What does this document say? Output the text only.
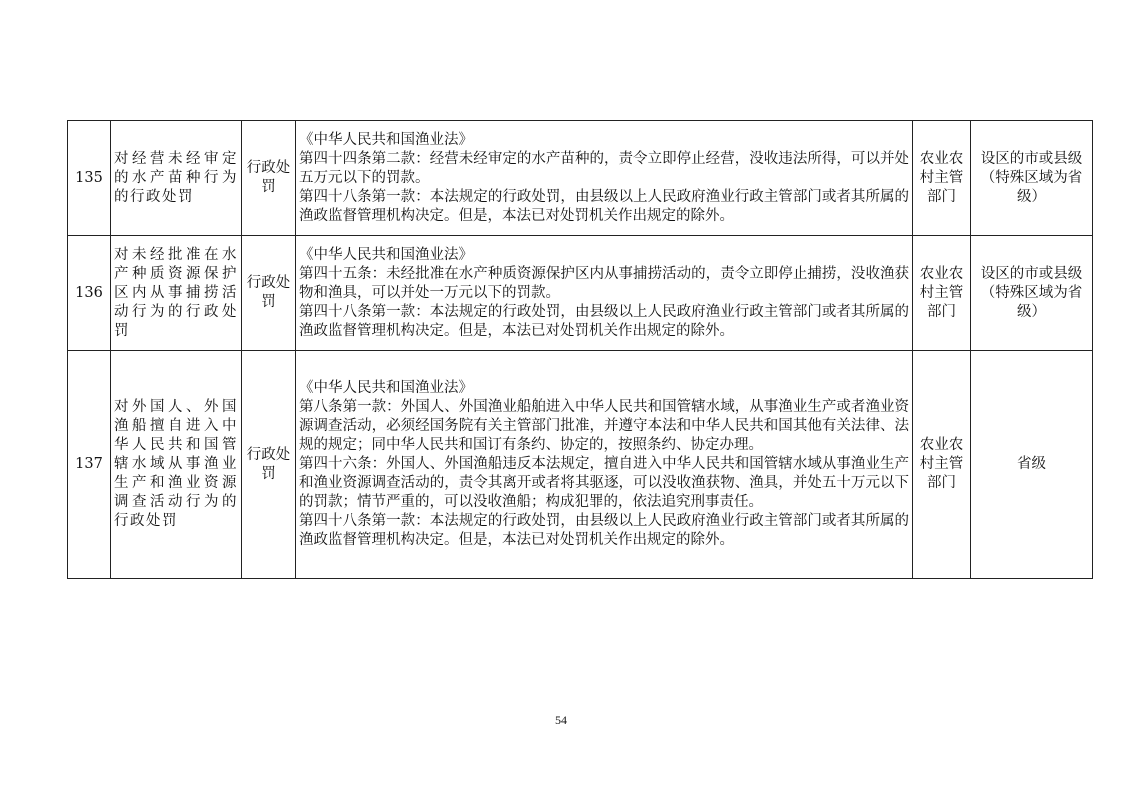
135	对经营未经审定的水产苗种行为的行政处罚	行政处罚	《中华人民共和国渔业法》
第四十四条第二款：经营未经审定的水产苗种的，责令立即停止经营，没收违法所得，可以并处五万元以下的罚款。
第四十八条第一款：本法规定的行政处罚，由县级以上人民政府渔业行政主管部门或者其所属的渔政监督管理机构决定。但是，本法已对处罚机关作出规定的除外。	农业农村主管部门	设区的市或县级（特殊区域为省级）
136	对未经批准在水产种质资源保护区内从事捕捞活动行为的行政处罚	行政处罚	《中华人民共和国渔业法》
第四十五条：未经批准在水产种质资源保护区内从事捕捞活动的，责令立即停止捕捞，没收渔获物和渔具，可以并处一万元以下的罚款。
第四十八条第一款：本法规定的行政处罚，由县级以上人民政府渔业行政主管部门或者其所属的渔政监督管理机构决定。但是，本法已对处罚机关作出规定的除外。	农业农村主管部门	设区的市或县级（特殊区域为省级）
137	对外国人、外国渔船擅自进入中华人民共和国管辖水域从事渔业生产和渔业资源调查活动行为的行政处罚	行政处罚	《中华人民共和国渔业法》
第八条第一款：外国人、外国渔业船舶进入中华人民共和国管辖水域，从事渔业生产或者渔业资源调查活动，必须经国务院有关主管部门批准，并遵守本法和中华人民共和国其他有关法律、法规的规定；同中华人民共和国订有条约、协定的，按照条约、协定办理。
第四十六条：外国人、外国渔船违反本法规定，擅自进入中华人民共和国管辖水域从事渔业生产和渔业资源调查活动的，责令其离开或者将其驱逐，可以没收渔获物、渔具，并处五十万元以下的罚款；情节严重的，可以没收渔船；构成犯罪的，依法追究刑事责任。
第四十八条第一款：本法规定的行政处罚，由县级以上人民政府渔业行政主管部门或者其所属的渔政监督管理机构决定。但是，本法已对处罚机关作出规定的除外。	农业农村主管部门	省级
54
